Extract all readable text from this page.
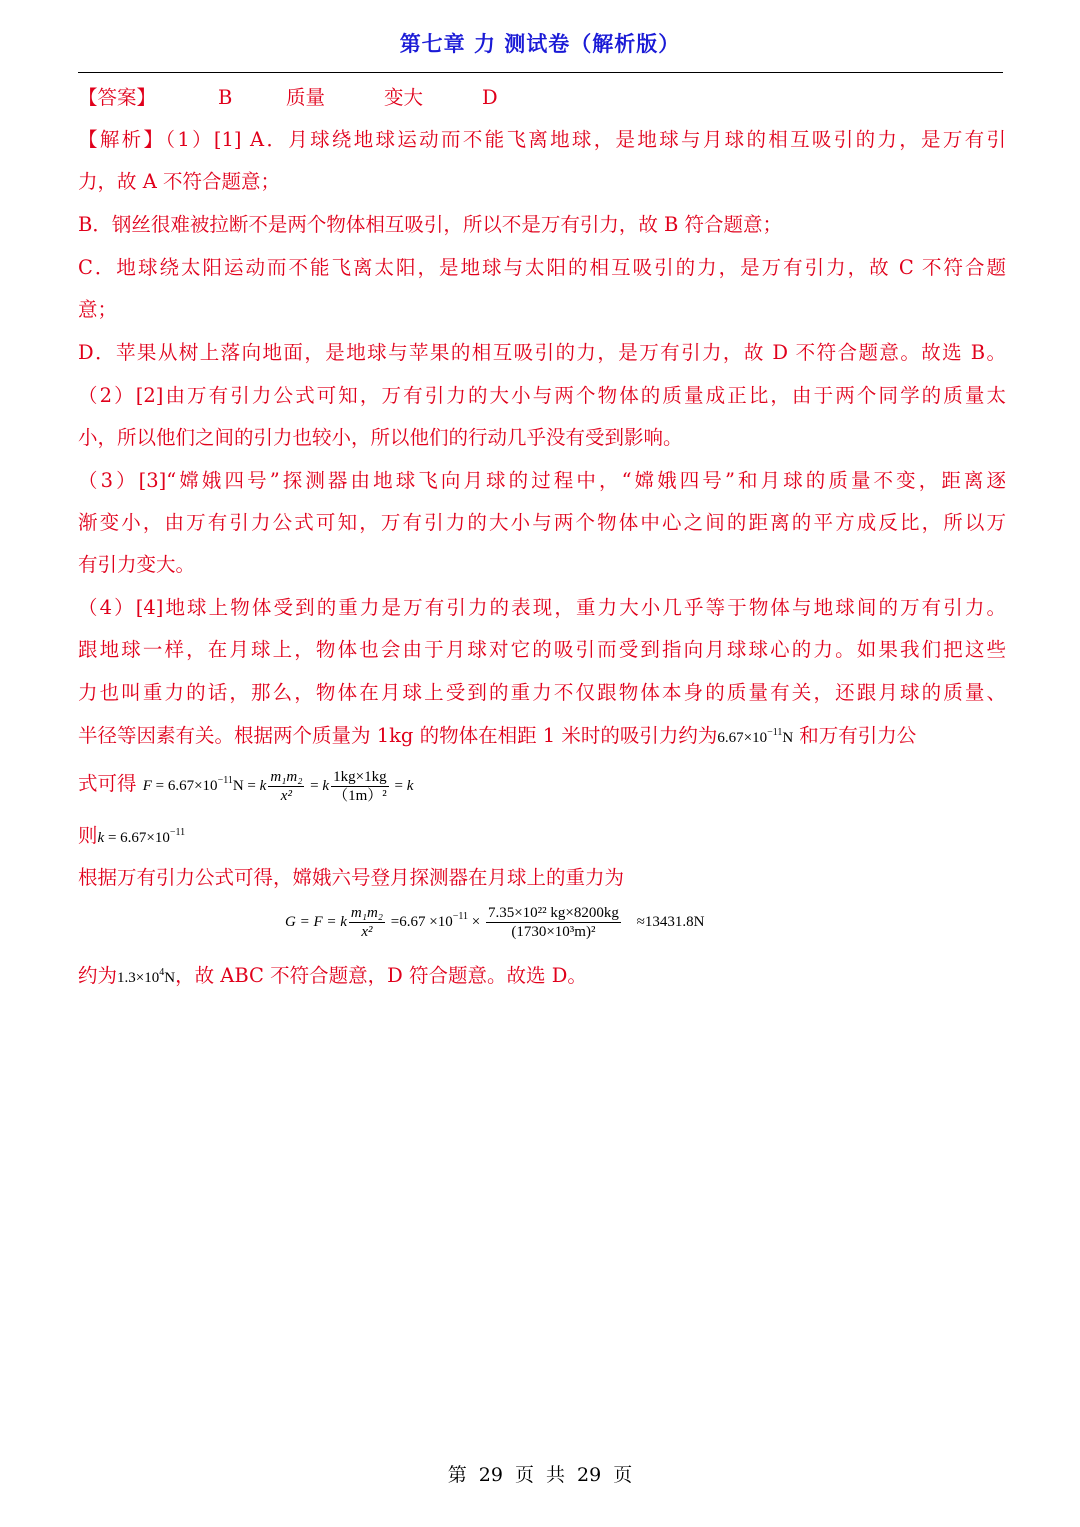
第七章 力 测试卷（解析版）
【答案】	B	质量	变大	D
【解析】（1）[1] A．月球绕地球运动而不能飞离地球，是地球与月球的相互吸引的力，是万有引
力，故 A 不符合题意；
B．钢丝很难被拉断不是两个物体相互吸引，所以不是万有引力，故 B 符合题意；
C．地球绕太阳运动而不能飞离太阳，是地球与太阳的相互吸引的力，是万有引力，故 C 不符合题
意；
D．苹果从树上落向地面，是地球与苹果的相互吸引的力，是万有引力，故 D 不符合题意。故选 B。
（2）[2]由万有引力公式可知，万有引力的大小与两个物体的质量成正比，由于两个同学的质量太
小，所以他们之间的引力也较小，所以他们的行动几乎没有受到影响。
（3）[3]“嫦娥四号”探测器由地球飞向月球的过程中，“嫦娥四号”和月球的质量不变，距离逐
渐变小，由万有引力公式可知，万有引力的大小与两个物体中心之间的距离的平方成反比，所以万
有引力变大。
（4）[4]地球上物体受到的重力是万有引力的表现，重力大小几乎等于物体与地球间的万有引力。
跟地球一样，在月球上，物体也会由于月球对它的吸引而受到指向月球球心的力。如果我们把这些
力也叫重力的话，那么，物体在月球上受到的重力不仅跟物体本身的质量有关，还跟月球的质量、
半径等因素有关。根据两个质量为 1kg 的物体在相距 1 米时的吸引力约为$6.67\times 10^{-11}N$ 和万有引力公
式可得 $F = 6.67\times 10^{-11}N = k \frac{\text{m₁m₂}}{\text{x²}} = k \frac{1kg\times 1kg}{\text{（1m）²}} = k$
则$k = 6.67\times 10^{-11}$
根据万有引力公式可得，嫦娥六号登月探测器在月球上的重力为
G = F = k $\frac{\text{m₁m₂}}{\text{x²}} =6.67 \times 10^{-11} \times \frac{\text{7.35×10²² kg×8200kg}}{\text{(1730×10³m)²}} \approx 13431.8N$
约为$1.3\times 10^4N$，故 ABC 不符合题意，D 符合题意。故选 D。
第 29 页 共 29 页
